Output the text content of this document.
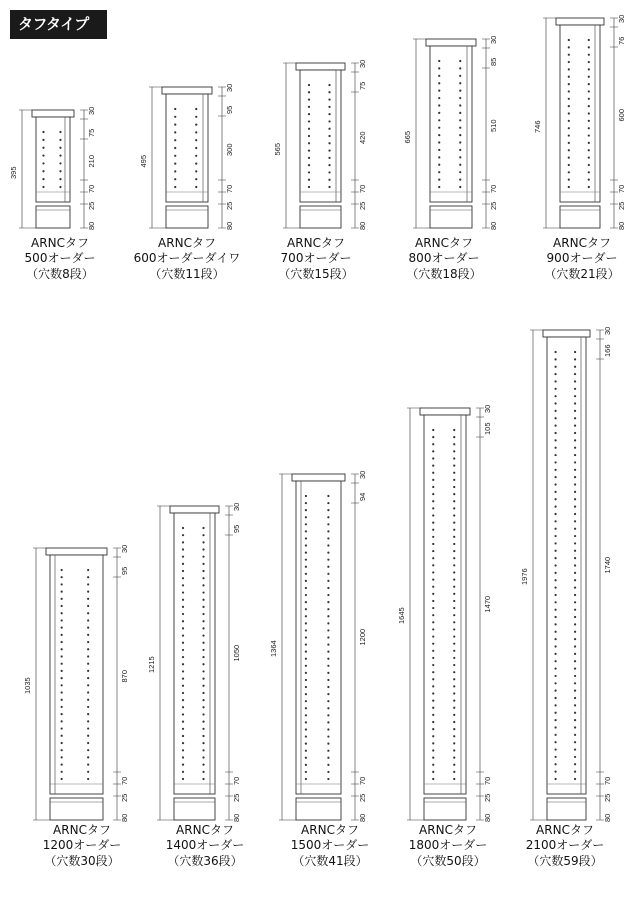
タフタイプ
395
30
75
210
70
25
80
ARNCタフ
500オーダー
（穴数8段）
495
30
95
300
70
25
80
ARNCタフ
600オーダーダイワ
（穴数11段）
565
30
75
420
70
25
80
ARNCタフ
700オーダー
（穴数15段）
665
30
85
510
70
25
80
ARNCタフ
800オーダー
（穴数18段）
746
30
76
600
70
25
80
ARNCタフ
900オーダー
（穴数21段）
1035
30
95
870
70
25
80
ARNCタフ
1200オーダー
（穴数30段）
1215
30
95
1050
70
25
80
ARNCタフ
1400オーダー
（穴数36段）
1364
30
94
1200
70
25
80
ARNCタフ
1500オーダー
（穴数41段）
1645
30
105
1470
70
25
80
ARNCタフ
1800オーダー
（穴数50段）
1976
30
166
1740
70
25
80
ARNCタフ
2100オーダー
（穴数59段）
